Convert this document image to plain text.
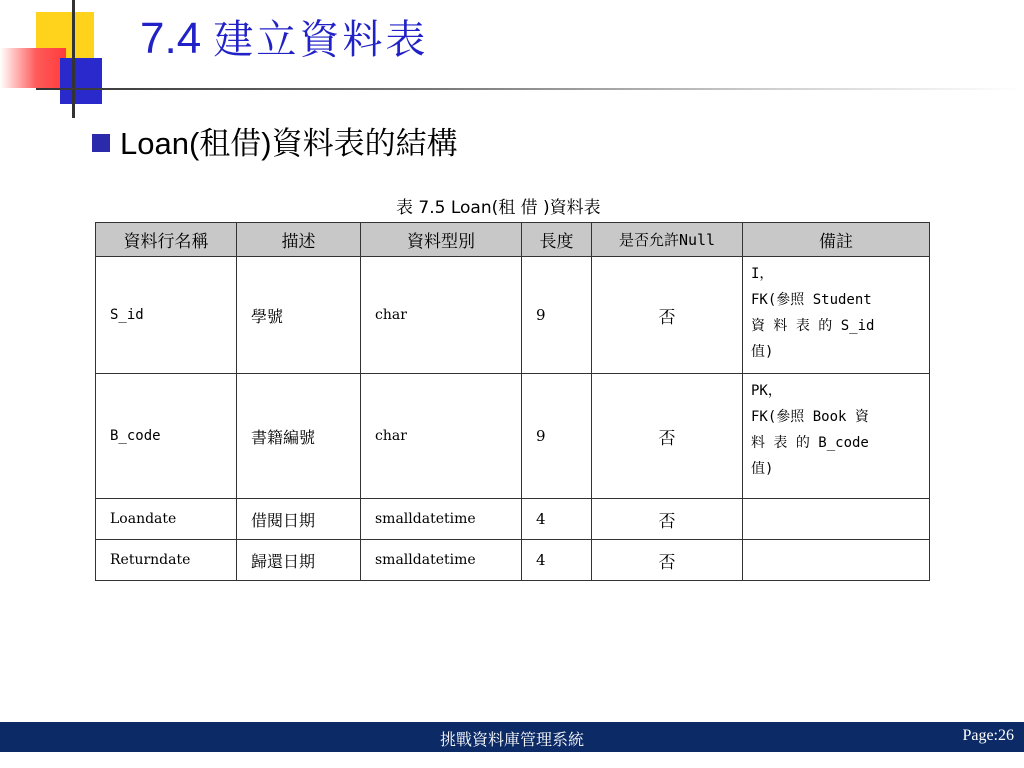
7.4 建立資料表
Loan(租借)資料表的結構
表 7.5 Loan(租 借 )資料表
資料行名稱	描述	資料型別	長度	是否允許Null	備註
S_id	學號	char	9	否	I，
FK(參照 Student
資 料 表 的 S_id
值)
B_code	書籍編號	char	9	否	PK，
FK(參照 Book 資
料 表 的 B_code
值)
Loandate	借閱日期	smalldatetime	4	否	
Returndate	歸還日期	smalldatetime	4	否	
挑戰資料庫管理系統	Page:26
